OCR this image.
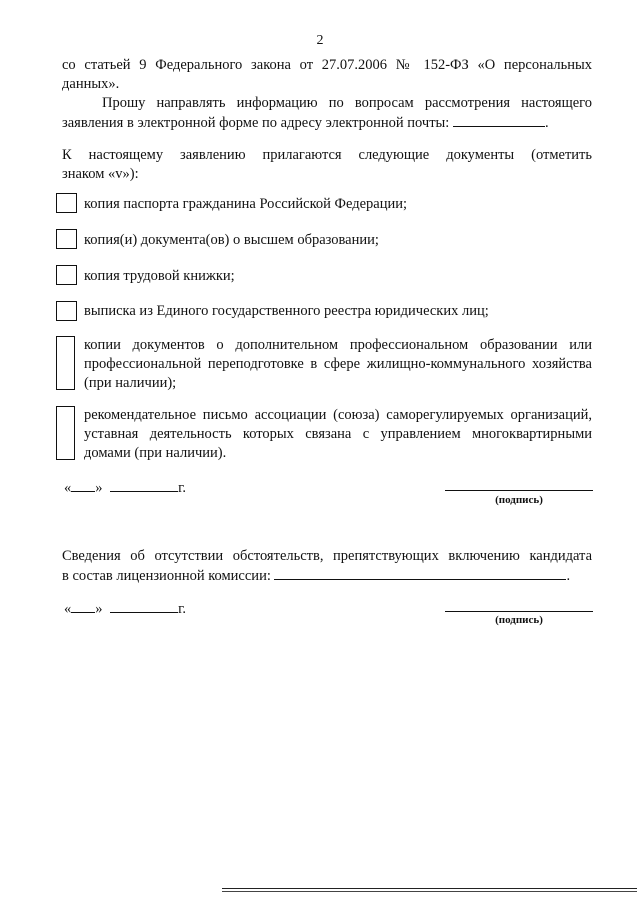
2
со статьей 9 Федерального закона от 27.07.2006 № 152-ФЗ «О персональных
данных».
Прошу направлять информацию по вопросам рассмотрения настоящего
заявления в электронной форме по адресу электронной почты:	.
К настоящему заявлению прилагаются следующие документы (отметить
знаком «v»):
копия паспорта гражданина Российской Федерации;
копия(и) документа(ов) о высшем образовании;
копия трудовой книжки;
выписка из Единого государственного реестра юридических лиц;
копии документов о дополнительном профессиональном образовании или профессиональной переподготовке в сфере жилищно-коммунального хозяйства (при наличии);
рекомендательное письмо ассоциации (союза) саморегулируемых организаций, уставная деятельность которых связана с управлением многоквартирными домами (при наличии).
« »	г.
(подпись)
Сведения об отсутствии обстоятельств, препятствующих включению кандидата
в состав лицензионной комиссии:	.
« »	г.
(подпись)
